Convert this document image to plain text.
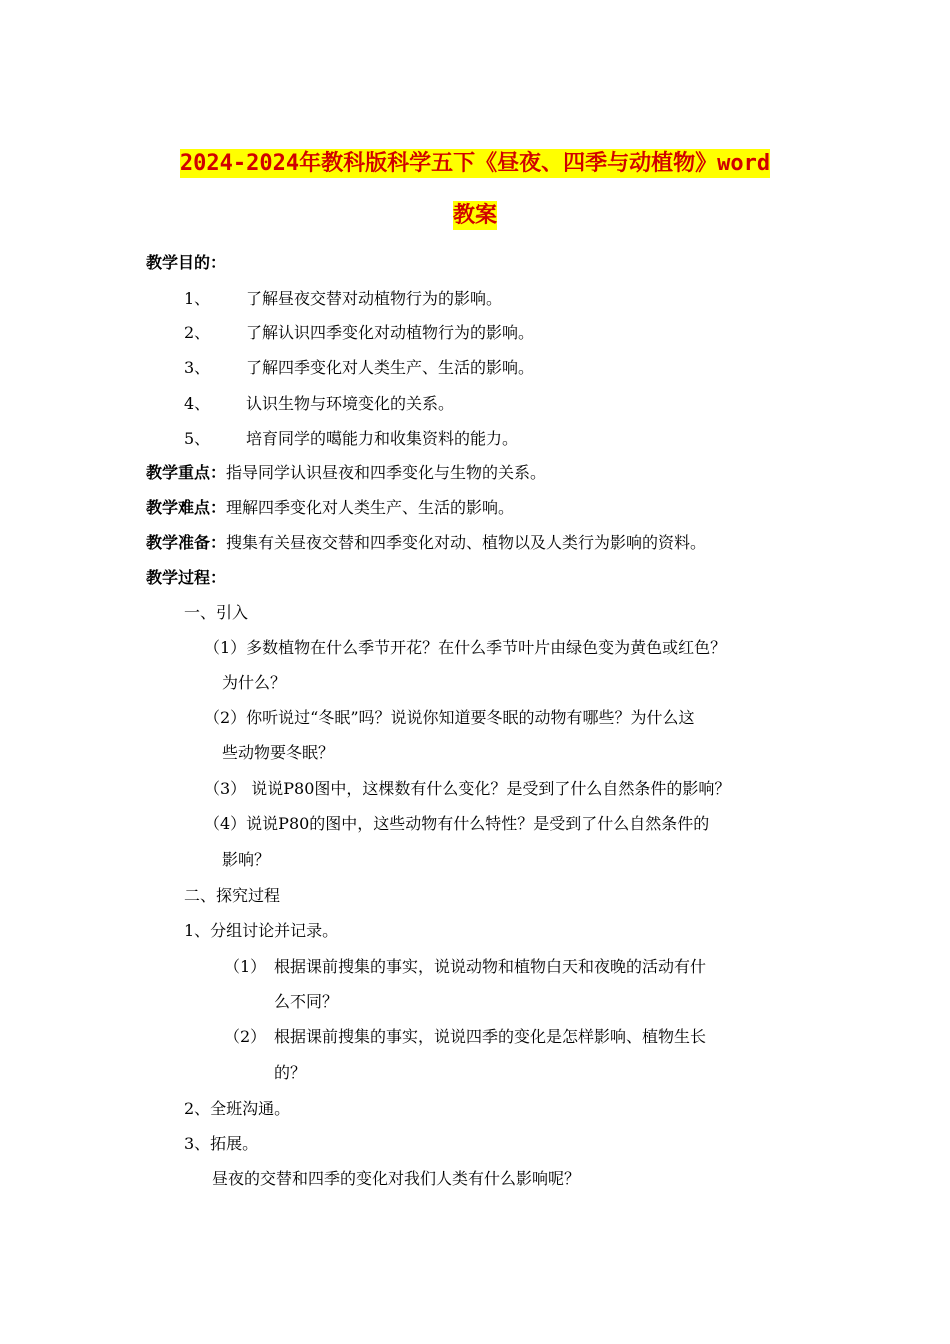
2024-2024年教科版科学五下《昼夜、四季与动植物》word
教案
教学目的：
1、 了解昼夜交替对动植物行为的影响。
2、 了解认识四季变化对动植物行为的影响。
3、 了解四季变化对人类生产、生活的影响。
4、 认识生物与环境变化的关系。
5、 培育同学的噶能力和收集资料的能力。
教学重点：指导同学认识昼夜和四季变化与生物的关系。
教学难点：理解四季变化对人类生产、生活的影响。
教学准备：搜集有关昼夜交替和四季变化对动、植物以及人类行为影响的资料。
教学过程：
一、引入
（1）多数植物在什么季节开花？在什么季节叶片由绿色变为黄色或红色？
为什么？
（2）你听说过“冬眠”吗？说说你知道要冬眠的动物有哪些？为什么这
些动物要冬眠？
（3） 说说P80图中，这棵数有什么变化？是受到了什么自然条件的影响？
（4）说说P80的图中，这些动物有什么特性？是受到了什么自然条件的
影响？
二、探究过程
1、分组讨论并记录。
（1） 根据课前搜集的事实，说说动物和植物白天和夜晚的活动有什
么不同？
（2） 根据课前搜集的事实，说说四季的变化是怎样影响、植物生长
的？
2、全班沟通。
3、拓展。
昼夜的交替和四季的变化对我们人类有什么影响呢？
